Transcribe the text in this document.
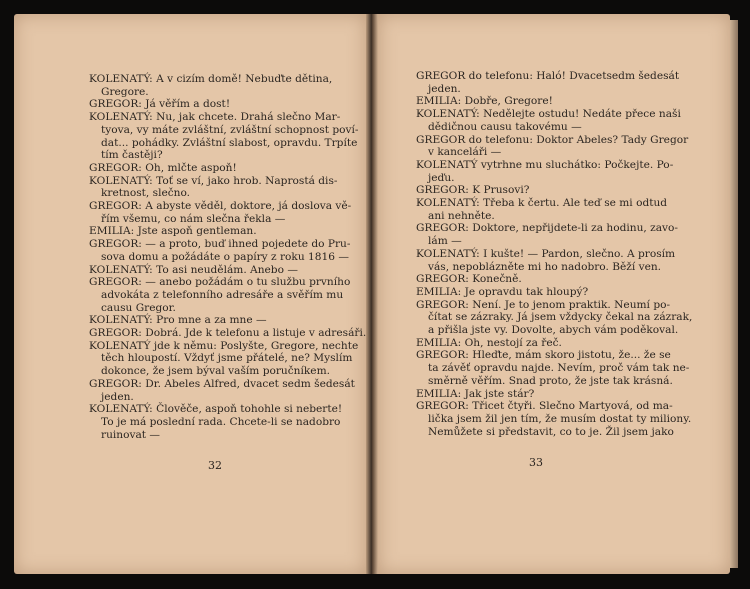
KOLENATÝ: A v cizím domě! Nebuďte dětina,
Gregore.
GREGOR: Já věřím a dost!
KOLENATÝ: Nu, jak chcete. Drahá slečno Mar-
tyova, vy máte zvláštní, zvláštní schopnost poví-
dat... pohádky. Zvláštní slabost, opravdu. Trpíte
tím častěji?
GREGOR: Oh, mlčte aspoň!
KOLENATÝ: Toť se ví, jako hrob. Naprostá dis-
kretnost, slečno.
GREGOR: A abyste věděl, doktore, já doslova vě-
řím všemu, co nám slečna řekla —
EMILIA: Jste aspoň gentleman.
GREGOR: — a proto, buď ihned pojedete do Pru-
sova domu a požádáte o papíry z roku 1816 —
KOLENATÝ: To asi neudělám. Anebo —
GREGOR: — anebo požádám o tu službu prvního
advokáta z telefonního adresáře a svěřím mu
causu Gregor.
KOLENATÝ: Pro mne a za mne —
GREGOR: Dobrá. Jde k telefonu a listuje v adresáři.
KOLENATÝ jde k němu: Poslyšte, Gregore, nechte
těch hloupostí. Vždyť jsme přátelé, ne? Myslím
dokonce, že jsem býval vaším poručníkem.
GREGOR: Dr. Abeles Alfred, dvacet sedm šedesát
jeden.
KOLENATÝ: Člověče, aspoň tohohle si neberte!
To je má poslední rada. Chcete-li se nadobro
ruinovat —
32
GREGOR do telefonu: Haló! Dvacetsedm šedesát
jeden.
EMILIA: Dobře, Gregore!
KOLENATÝ: Nedělejte ostudu! Nedáte přece naši
dědičnou causu takovému —
GREGOR do telefonu: Doktor Abeles? Tady Gregor
v kanceláři —
KOLENATÝ vytrhne mu sluchátko: Počkejte. Po-
jeďu.
GREGOR: K Prusovi?
KOLENATÝ: Třeba k čertu. Ale teď se mi odtud
ani nehněte.
GREGOR: Doktore, nepřijdete-li za hodinu, zavo-
lám —
KOLENATÝ: I kušte! — Pardon, slečno. A prosím
vás, nepoblázněte mi ho nadobro. Běží ven.
GREGOR: Konečně.
EMILIA: Je opravdu tak hloupý?
GREGOR: Není. Je to jenom praktik. Neumí po-
čítat se zázraky. Já jsem vždycky čekal na zázrak,
a přišla jste vy. Dovolte, abych vám poděkoval.
EMILIA: Oh, nestojí za řeč.
GREGOR: Hleďte, mám skoro jistotu, že... že se
ta závěť opravdu najde. Nevím, proč vám tak ne-
směrně věřím. Snad proto, že jste tak krásná.
EMILIA: Jak jste stár?
GREGOR: Třicet čtyři. Slečno Martyová, od ma-
lička jsem žil jen tím, že musím dostat ty miliony.
Nemůžete si představit, co to je. Žil jsem jako
33
